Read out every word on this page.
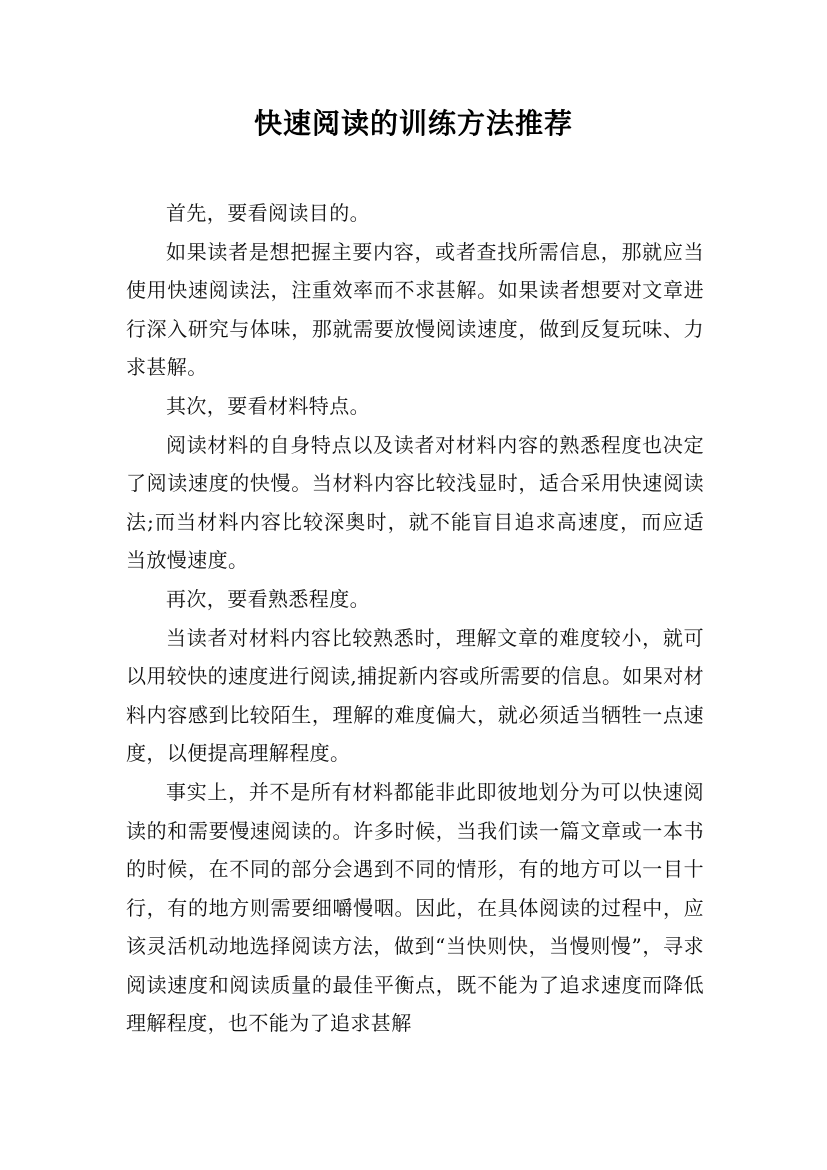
快速阅读的训练方法推荐

首先，要看阅读目的。

如果读者是想把握主要内容，或者查找所需信息，那就应当使用快速阅读法，注重效率而不求甚解。如果读者想要对文章进行深入研究与体味，那就需要放慢阅读速度，做到反复玩味、力求甚解。

其次，要看材料特点。

阅读材料的自身特点以及读者对材料内容的熟悉程度也决定了阅读速度的快慢。当材料内容比较浅显时，适合采用快速阅读法;而当材料内容比较深奥时，就不能盲目追求高速度，而应适当放慢速度。

再次，要看熟悉程度。

当读者对材料内容比较熟悉时，理解文章的难度较小，就可以用较快的速度进行阅读,捕捉新内容或所需要的信息。如果对材料内容感到比较陌生，理解的难度偏大，就必须适当牺牲一点速度，以便提高理解程度。

事实上，并不是所有材料都能非此即彼地划分为可以快速阅读的和需要慢速阅读的。许多时候，当我们读一篇文章或一本书的时候，在不同的部分会遇到不同的情形，有的地方可以一目十行，有的地方则需要细嚼慢咽。因此，在具体阅读的过程中，应该灵活机动地选择阅读方法，做到“当快则快，当慢则慢”，寻求阅读速度和阅读质量的最佳平衡点，既不能为了追求速度而降低理解程度，也不能为了追求甚解
